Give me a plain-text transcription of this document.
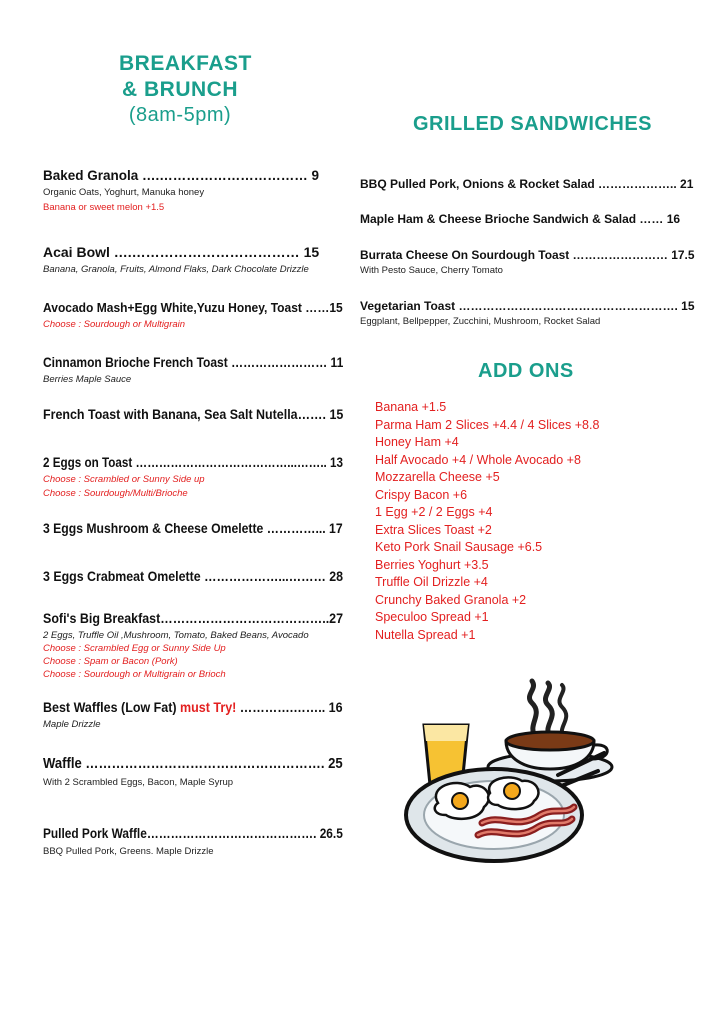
BREAKFAST
& BRUNCH
(8am-5pm)	GRILLED SANDWICHES
Baked Granola ….…………………………… 9
Organic Oats, Yoghurt, Manuka honey
Banana or sweet melon +1.5
Acai Bowl ….……………………………… 15
Banana, Granola, Fruits, Almond Flaks, Dark Chocolate Drizzle
Avocado Mash+Egg White,Yuzu Honey, Toast ……15
Choose : Sourdough or Multigrain
Cinnamon Brioche French Toast …………………… 11
Berries Maple Sauce
French Toast with Banana, Sea Salt Nutella……. 15
2 Eggs on Toast …………………………………...…….. 13
Choose : Scrambled or Sunny Side up
Choose : Sourdough/Multi/Brioche
3 Eggs Mushroom & Cheese Omelette …………... 17
3 Eggs Crabmeat Omelette ………………...……… 28
Sofi's Big Breakfast…………………………………..27
2 Eggs, Truffle Oil ,Mushroom, Tomato, Baked Beans, Avocado
Choose : Scrambled Egg or Sunny Side Up
Choose : Spam or Bacon (Pork)
Choose : Sourdough or Multigrain or Brioch
Best Waffles (Low Fat) must Try! ………….…….. 16
Maple Drizzle
Waffle ………………………………………………. 25
With 2 Scrambled Eggs, Bacon, Maple Syrup
Pulled Pork Waffle……………………………………. 26.5
BBQ Pulled Pork, Greens. Maple Drizzle
BBQ Pulled Pork, Onions & Rocket Salad ……………….. 21
Maple Ham & Cheese Brioche Sandwich & Salad …… 16
Burrata Cheese On Sourdough Toast …………………… 17.5
With Pesto Sauce, Cherry Tomato
Vegetarian Toast ………………………………………………. 15
Eggplant, Bellpepper, Zucchini, Mushroom, Rocket Salad
ADD ONS
Banana +1.5
Parma Ham 2 Slices +4.4 / 4 Slices +8.8
Honey Ham +4
Half Avocado +4 / Whole Avocado +8
Mozzarella Cheese +5
Crispy Bacon +6
1 Egg +2 / 2 Eggs +4
Extra Slices Toast +2
Keto Pork Snail Sausage +6.5
Berries Yoghurt +3.5
Truffle Oil Drizzle +4
Crunchy Baked Granola +2
Speculoo Spread +1
Nutella Spread +1
